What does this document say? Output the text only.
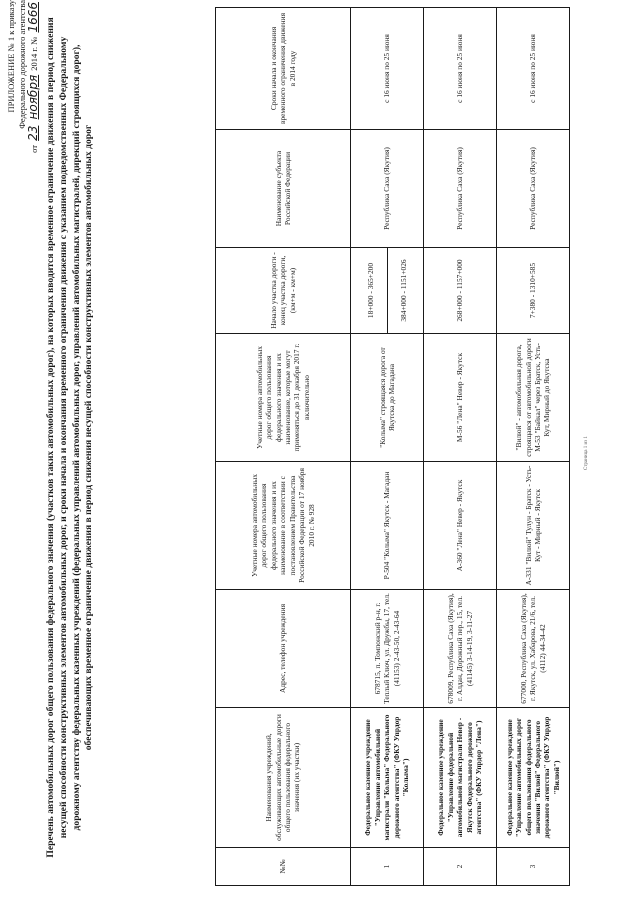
ПРИЛОЖЕНИЕ № 1 к приказу Федерального дорожного агентства
от 23 ноября 2014 г. № 1666
Перечень автомобильных дорог общего пользования федерального значения (участков таких автомобильных дорог), на которых вводится временное ограничение движения в период снижения несущей способности конструктивных элементов автомобильных дорог, и сроки начала и окончания временного ограничения движения с указанием подведомственных Федеральному дорожному агентству федеральных казенных учреждений (федеральных управлений автомобильных дорог, управлений автомобильных магистралей, дирекций строящихся дорог), обеспечивающих временное ограничение движения в период снижения несущей способности конструктивных элементов автомобильных дорог
№№	Наименования учреждений, обслуживающих автомобильные дороги общего пользования федерального значения (их участки)	Адрес, телефон учреждения	Учетные номера автомобильных дорог общего пользования федерального значения и их наименование в соответствии с постановлением Правительства Российской Федерации от 17 ноября 2010 г. № 928	Учетные номера автомобильных дорог общего пользования федерального значения и их наименование, которые могут применяться до 31 декабря 2017 г. включительно	Начало участка дороги - конец участка дороги, (км+м - км+м)	Наименование субъекта Российской Федерации	Сроки начала и окончания временного ограничения движения в 2014 году
1	Федеральное казенное учреждение "Управление автомобильной магистрали "Колыма" Федерального дорожного агентства" (ФКУ Упрдор "Колыма")	678715, п. Томпонский р-н, г. Теплый Ключ, ул. Дружбы, 17, тел. (41153) 2-43-50, 2-43-64	Р-504 "Колыма" Якутск - Магадан	"Колыма" строящаяся дорога от Якутска до Магадана	18+000 - 365+200 384+000 - 1151+026	Республика Саха (Якутия)	с 16 июня по 25 июня
2	Федеральное казенное учреждение "Управление федеральной автомобильной магистрали Невер - Якутск Федерального дорожного агентства" (ФКУ Упрдор "Лена")	678009, Республика Саха (Якутия), г. Алдан, Дорожный пер., 15, тел. (41145) 3-14-19, 3-11-27	А-360 "Лена" Невер - Якутск	М-56 "Лена" Невер - Якутск	268+000 - 1157+000	Республика Саха (Якутия)	с 16 июня по 25 июня
3	Федеральное казенное учреждение "Управление автомобильных дорог общего пользования федерального значения "Вилюй" Федерального дорожного агентства" (ФКУ Упрдор "Вилюй")	677000, Республика Саха (Якутия), г. Якутск, ул. Хабарова, 21/6, тел. (4112) 44-34-42	А-331 "Вилюй" Тулун - Братск - Усть-Кут - Мирный - Якутск	"Вилюй" - автомобильная дорога, строящаяся от автомобильной дороги М-53 "Байкал" через Братск, Усть-Кут, Мирный до Якутска	7+380 - 1310+585	Республика Саха (Якутия)	с 16 июня по 25 июня
Страница 1 из 1
